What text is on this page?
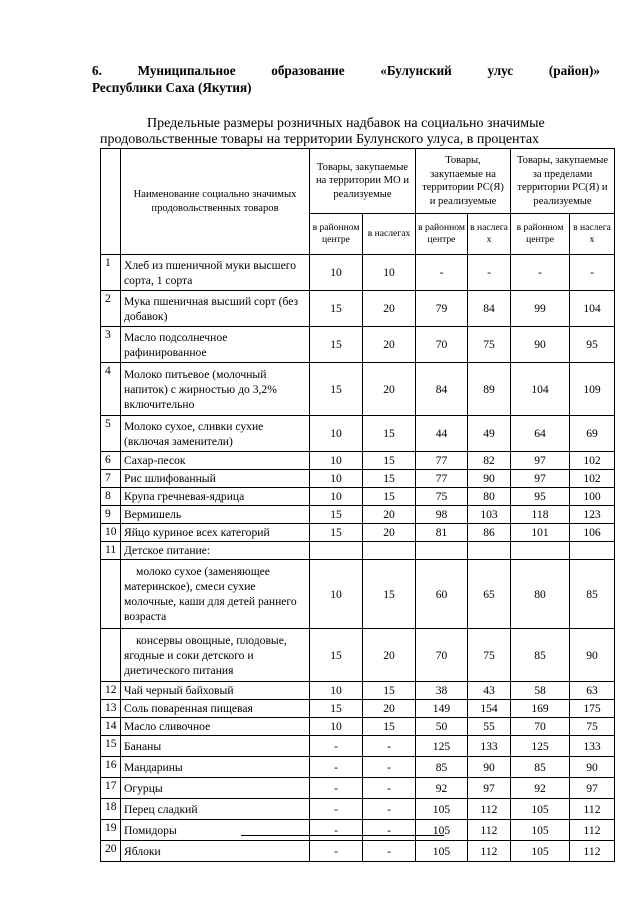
6.	Муниципальное	образование	«Булунский	улус	(район)»
Республики Саха (Якутия)
Предельные размеры розничных надбавок на социально значимые
продовольственные товары на территории Булунского улуса, в процентах
	Наименование социально значимых продовольственных товаров	Товары, закупаемые на территории МО и реализуемые		Товары, закупаемые на территории РС(Я) и реализуемые		Товары, закупаемые за пределами территории РС(Я) и реализуемые	
		в районном центре	в наслегах	в районном центре	в наслега х	в районном центре	в наслега х
1	Хлеб из пшеничной муки высшего сорта, 1 сорта	10	10	-	-	-	-
2	Мука пшеничная высший сорт (без добавок)	15	20	79	84	99	104
3	Масло подсолнечное рафинированное	15	20	70	75	90	95
4	Молоко питьевое (молочный напиток) с жирностью до 3,2% включительно	15	20	84	89	104	109
5	Молоко сухое, сливки сухие (включая заменители)	10	15	44	49	64	69
6	Сахар-песок	10	15	77	82	97	102
7	Рис шлифованный	10	15	77	90	97	102
8	Крупа гречневая-ядрица	10	15	75	80	95	100
9	Вермишель	15	20	98	103	118	123
10	Яйцо куриное всех категорий	15	20	81	86	101	106
11	Детское питание:						
	молоко сухое (заменяющее материнское), смеси сухие молочные, каши для детей раннего возраста	10	15	60	65	80	85
	консервы овощные, плодовые, ягодные и соки детского и диетического питания	15	20	70	75	85	90
12	Чай черный байховый	10	15	38	43	58	63
13	Соль поваренная пищевая	15	20	149	154	169	175
14	Масло сливочное	10	15	50	55	70	75
15	Бананы	-	-	125	133	125	133
16	Мандарины	-	-	85	90	85	90
17	Огурцы	-	-	92	97	92	97
18	Перец сладкий	-	-	105	112	105	112
19	Помидоры	-	-	105	112	105	112
20	Яблоки	-	-	105	112	105	112
